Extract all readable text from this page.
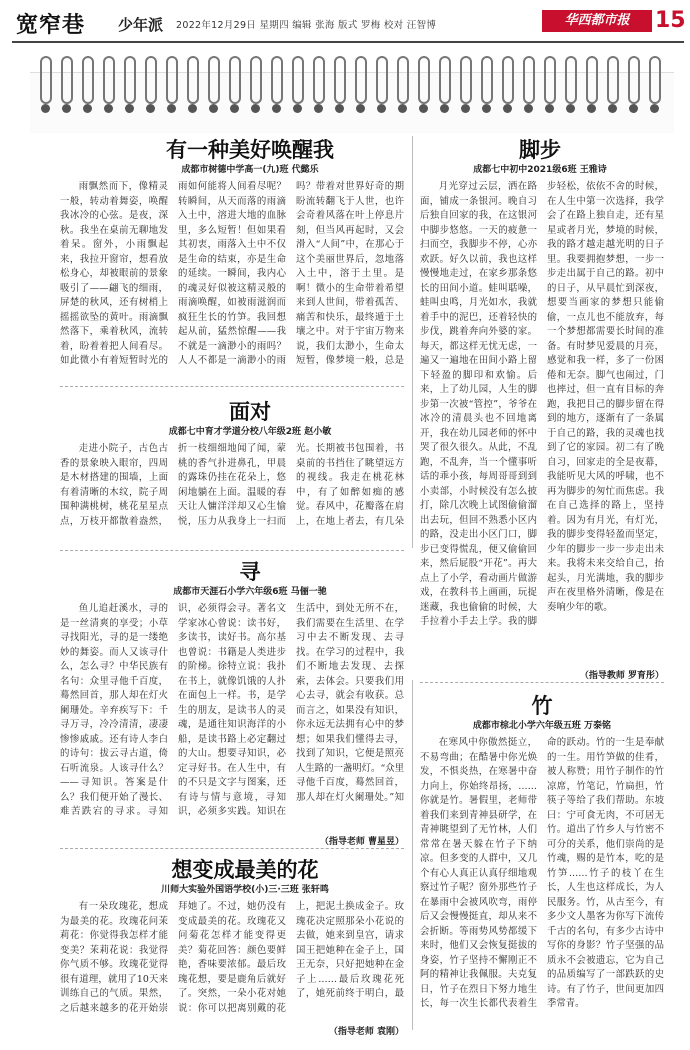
宽窄巷 少年派 2022年12月29日 星期四 编辑 张海 版式 罗梅 校对 汪智博	华西都市报	15
有一种美好唤醒我
成都市树德中学高一(九)班 代懿乐

雨飘然而下，像精灵一般，转动着舞姿，唤醒我冰冷的心弦。是夜，深秋。我坐在桌前无聊地发着呆。窗外，小雨飘起来，我拉开窗帘，想看放松身心，却被眼前的景象吸引了——翩飞的细雨，屏楚的秋风，还有树梢上摇摇欲坠的黄叶。雨滴飘然落下，乘着秋风，流转着，盼着着把人间看尽。如此微小有着短暂时光的雨如何能将人间看尽呢？转瞬间，从天而落的雨滴入土中，溶进大地的血脉里，多么短暂！但如果看其初衷，雨落入土中不仅是生命的结束，亦是生命的延续。一瞬间，我内心的魂灵好似被这精灵般的雨滴唤醒，如被雨滋润而疯狂生长的竹笋。我回想起从前，猛然惊醒——我不就是一滴渺小的雨吗？人人不都是一滴渺小的雨吗？带着对世界好奇的期盼流转翻飞于人世，也许会奇着风落在叶上停息片刻，但当风再起时，又会滑入“人间”中，在那心于这个美丽世界后，忽地落入土中，溶于土里。是啊！微小的生命带着希望来到人世间，带着孤苦、痛苦和快乐，最终遁于土壤之中。对于宇宙万物来说，我们太渺小，生命太短暂，像梦境一般，总是

脚步
成都七中初中2021级6班 王雅诗

月光穿过云层，洒在路面，铺成一条银河。晚自习后独自回家的我，在这银河中脚步悠悠。一天的疲惫一扫而空，我脚步不停，心亦欢跃。好久以前，我也这样慢慢地走过，在家乡那条悠长的田间小道。蛙叫聒噪，蛙叫虫鸣，月光如水，我就着手中的泥巴，还着轻快的步伐，跳着奔向外婆的家。每天，都这样无忧无虑，一遍又一遍地在田间小路上留下轻盈的脚印和欢愉。后来，上了幼儿园，人生的脚步第一次被“管控”，爷爷在冰冷的清晨头也不回地离开，我在幼儿园老师的怀中哭了很久很久。从此，不乱跑，不乱奔，当一个懂事听话的乖小孩，每周哥哥到到小卖部，小时候没有怎么披打，除几次晚上试图偷偷溜出去玩，但回不熟悉小区内的路，没走出小区门口，脚步已变得慌乱，便又偷偷回来，然后屁股“开花”。再大点上了小学，看动画片做游戏，在教科书上画画，玩捉迷藏，我也偷偷的时候，大手拉着小手去上学。我的脚步轻松，依依不舍的时候，在人生中第一次选择，我学会了在路上独自走，还有星星或者月光，梦境的时候，我的路才越走越光明的日子里。我要拥抱梦想，一步一步走出属于自己的路。初中的日子，从早晨忙到深夜，想要当画家的梦想只能偷偷，一点儿也不能放弃，每一个梦想都需要长时间的准备。有时梦见爱晨的月亮，感觉和我一样，多了一份困倦和无奈。脚气也闹过，门也摔过，但一直有目标的奔跑，我把目己的脚步留在得到的地方，逐渐有了一条属于自己的路，我的灵魂也找到了它的家园。初二有了晚自习，回家走的全是夜幕，我能听见大风的呼啸，也不再为脚步的匆忙而焦虑。我在自己选择的路上，坚持着。因为有月光，有灯光，我的脚步变得轻盈而坚定，少年的脚步一步一步走出未来。我将未来交给自己，抬起头，月光满地，我的脚步声在夜里格外清晰，像是在奏响少年的歌。

（指导教师 罗育彤）
面对
成都七中育才学道分校八年级2班 赵小敏

走进小院子，古色古香的景象映入眼帘，四周是木材搭建的围墙，上面有着清晰的木纹，院子周围种满桃树，桃花星星点点，万枝开都散着盎然，折一枝细细地闻了闻，蒙桃的香气扑进鼻孔，甲晨的露珠仍挂在花朵上，悠闲地躺在上面。温暖的春天让人慵洋洋却又心生愉悦，压力从我身上一扫而光。长期被书包围着，书桌前的书挡住了眺望远方的视线。我走在桃花林中，有了如醉如痴的感觉。春风中，花瓣落在肩上，在地上者去，有几朵

寻
成都市天涯石小学六年级6班 马俪一驰

鱼儿追赶溪水，寻的是一丝清爽的享受；小草寻找阳光，寻的是一缕绝妙的舞姿。而人又该寻什么，怎么寻？中华民族有名句：众里寻他千百度，蓦然回首，那人却在灯火阑珊处。辛弃疾写下：千寻万寻，冷冷清清，凄凄惨惨戚戚。还有诗人李白的诗句：拔云寻古道，倚石听流泉。人该寻什么？——寻知识。答案是什么？我们便开始了漫长、难苦跌宕的寻求。寻知识，必须得会寻。著名文学家冰心曾说：读书好，多读书，读好书。高尔基也曾说：书籍是人类进步的阶梯。徐特立说：我扑在书上，就像饥饿的人扑在面包上一样。书，是学生的朋友，是读书人的灵魂，是通往知识海洋的小船，是读书路上必定翻过的大山。想要寻知识，必定寻好书。在人生中，有的不只是文字与图案，还有诗与情与意境，寻知识，必须多实践。知识在生活中，到处无所不在，我们需要在生活里、在学习中去不断发现、去寻找。在学习的过程中，我们不断地去发现、去探索，去体会。只要我们用心去寻，就会有收获。总而言之，如果没有知识，你永远无法拥有心中的梦想；如果我们懂得去寻，找到了知识，它便是照亮人生路的一盏明灯。“众里寻他千百度，蓦然回首，那人却在灯火阑珊处。”知

（指导老师 曹星昱）
竹
成都市棕北小学六年级五班 万泰铭

在寒风中你傲然挺立，不易弯曲；在酷暑中你光焕发，不惧炎热，在寒暑中奋力向上，你始终昂扬，……你就是竹。暑假里，老师带着我们来到青神县研学，在青神眺望到了无竹林，人们常常在暑天躲在竹子下纳凉。但多变的人群中，又几个有心人真正认真仔细地观察过竹子呢？窗外那些竹子在暴雨中会被风吹弯，雨停后又会慢慢挺直，却从来不会折断。等雨势风势都缓下来时，他们又会恢复挺拔的身姿，竹子坚持不懈刚正不阿的精神让我佩服。夫克复日，竹子在烈日下努力地生长，每一次生长都代表着生命的跃动。竹的一生是奉献的一生。用竹笋做的佳肴，被人称赞；用竹子制作的竹凉席，竹笔记，竹扁担，竹筷子等给了我们帮助。东坡曰：宁可食无肉，不可居无竹。道出了竹乡人与竹密不可分的关系，他们崇尚的是竹魂，赐的是竹本，吃的是竹笋……竹子的枝丫在生长，人生也这样成长，为人民服务。竹，从古至今，有多少文人墨客为你写下流传千古的名句，有多少古诗中写你的身影？竹子坚强的品质永不会被遗忘，它为自己的品质编写了一部跌跃的史诗。有了竹子，世间更加四季常青。

想变成最美的花
川师大实验外国语学校(小)三·三班 张轩鸣

有一朵玫瑰花，想成为最美的花。玫瑰花问茉莉花：你觉得我怎样才能变美？茉莉花说：我觉得你气质不够。玫瑰花觉得很有道理，就用了10天来训练自己的气质。果然，之后越来越多的花开始崇拜她了。不过，她仍没有变成最美的花。玫瑰花又问菊花怎样才能变得更美？菊花回答：颜色要鲜艳，香味要浓郁。最后玫瑰花想，要是鹿角后就好了。突然，一朵小花对她说：你可以把离别戴的花上，把泥土换成金子。玫瑰花决定照那朵小花说的去做，她来到皇宫，请求国王把她种在金子上，国王无奈，只好把她种在金子上……最后玫瑰花死了，她死前终于明白，最

（指导老师 袁刚）
